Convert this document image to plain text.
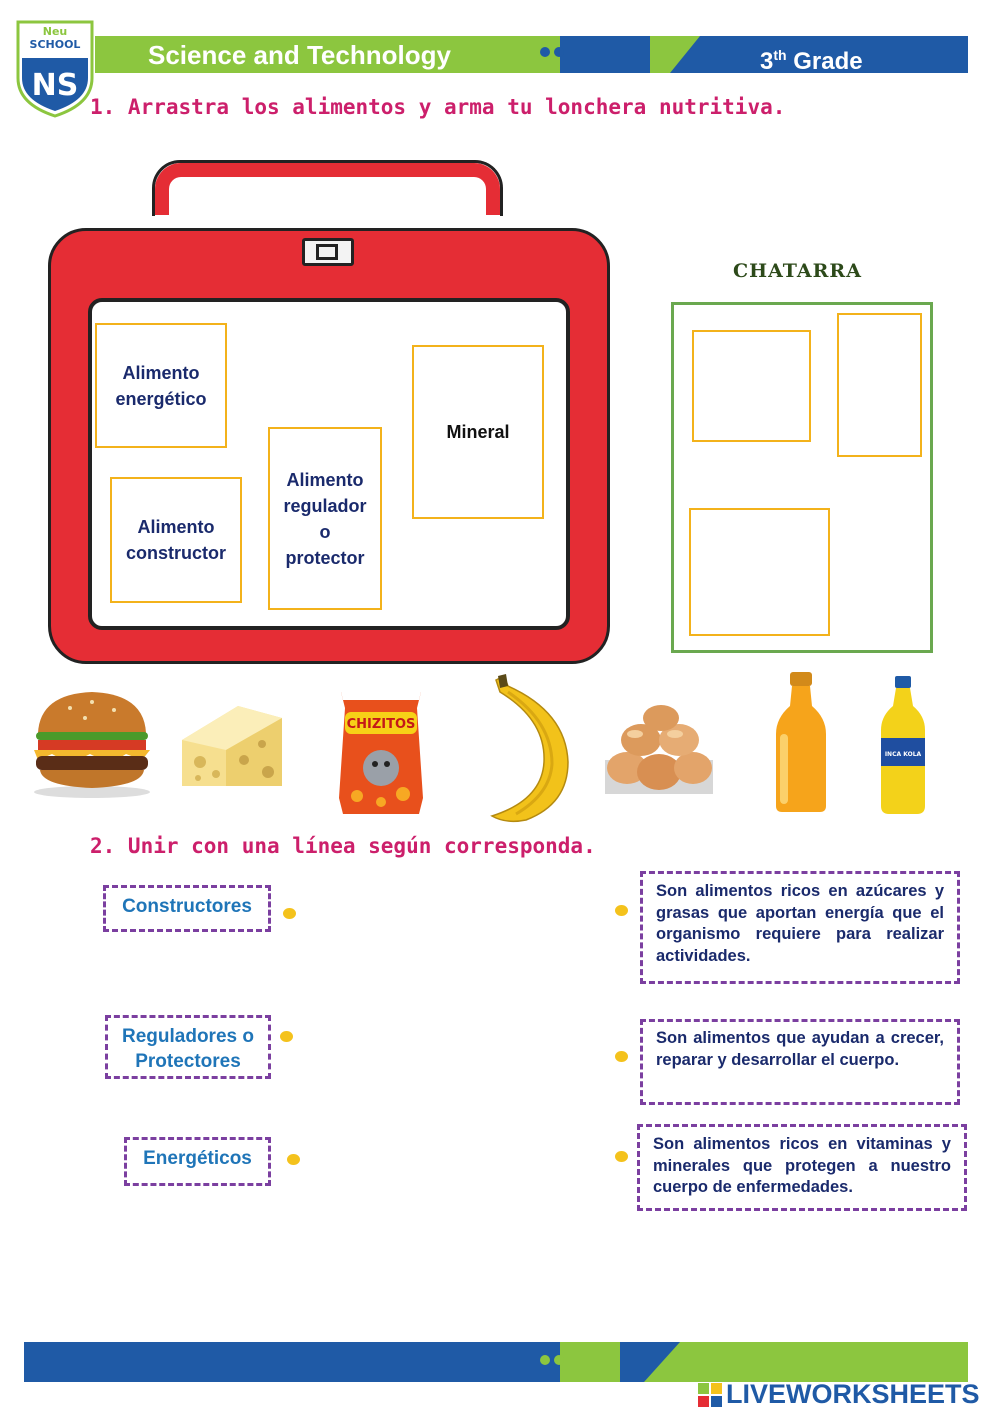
Science and Technology	3th Grade
Neu
SCHOOL
NS
1. Arrastra los alimentos y arma tu lonchera nutritiva.
Alimento energético
Alimento constructor
Alimento regulador o protector
Mineral
CHATARRA
CHIZITOS
INCA KOLA
2. Unir con una línea según corresponda.
Constructores
Reguladores o Protectores
Energéticos
Son alimentos ricos en azúcares y grasas que aportan energía que el organismo requiere para realizar actividades.
Son alimentos que ayudan a crecer, reparar y desarrollar el cuerpo.
Son alimentos ricos en vitaminas y minerales que protegen a nuestro cuerpo de enfermedades.
LIVEWORKSHEETS
